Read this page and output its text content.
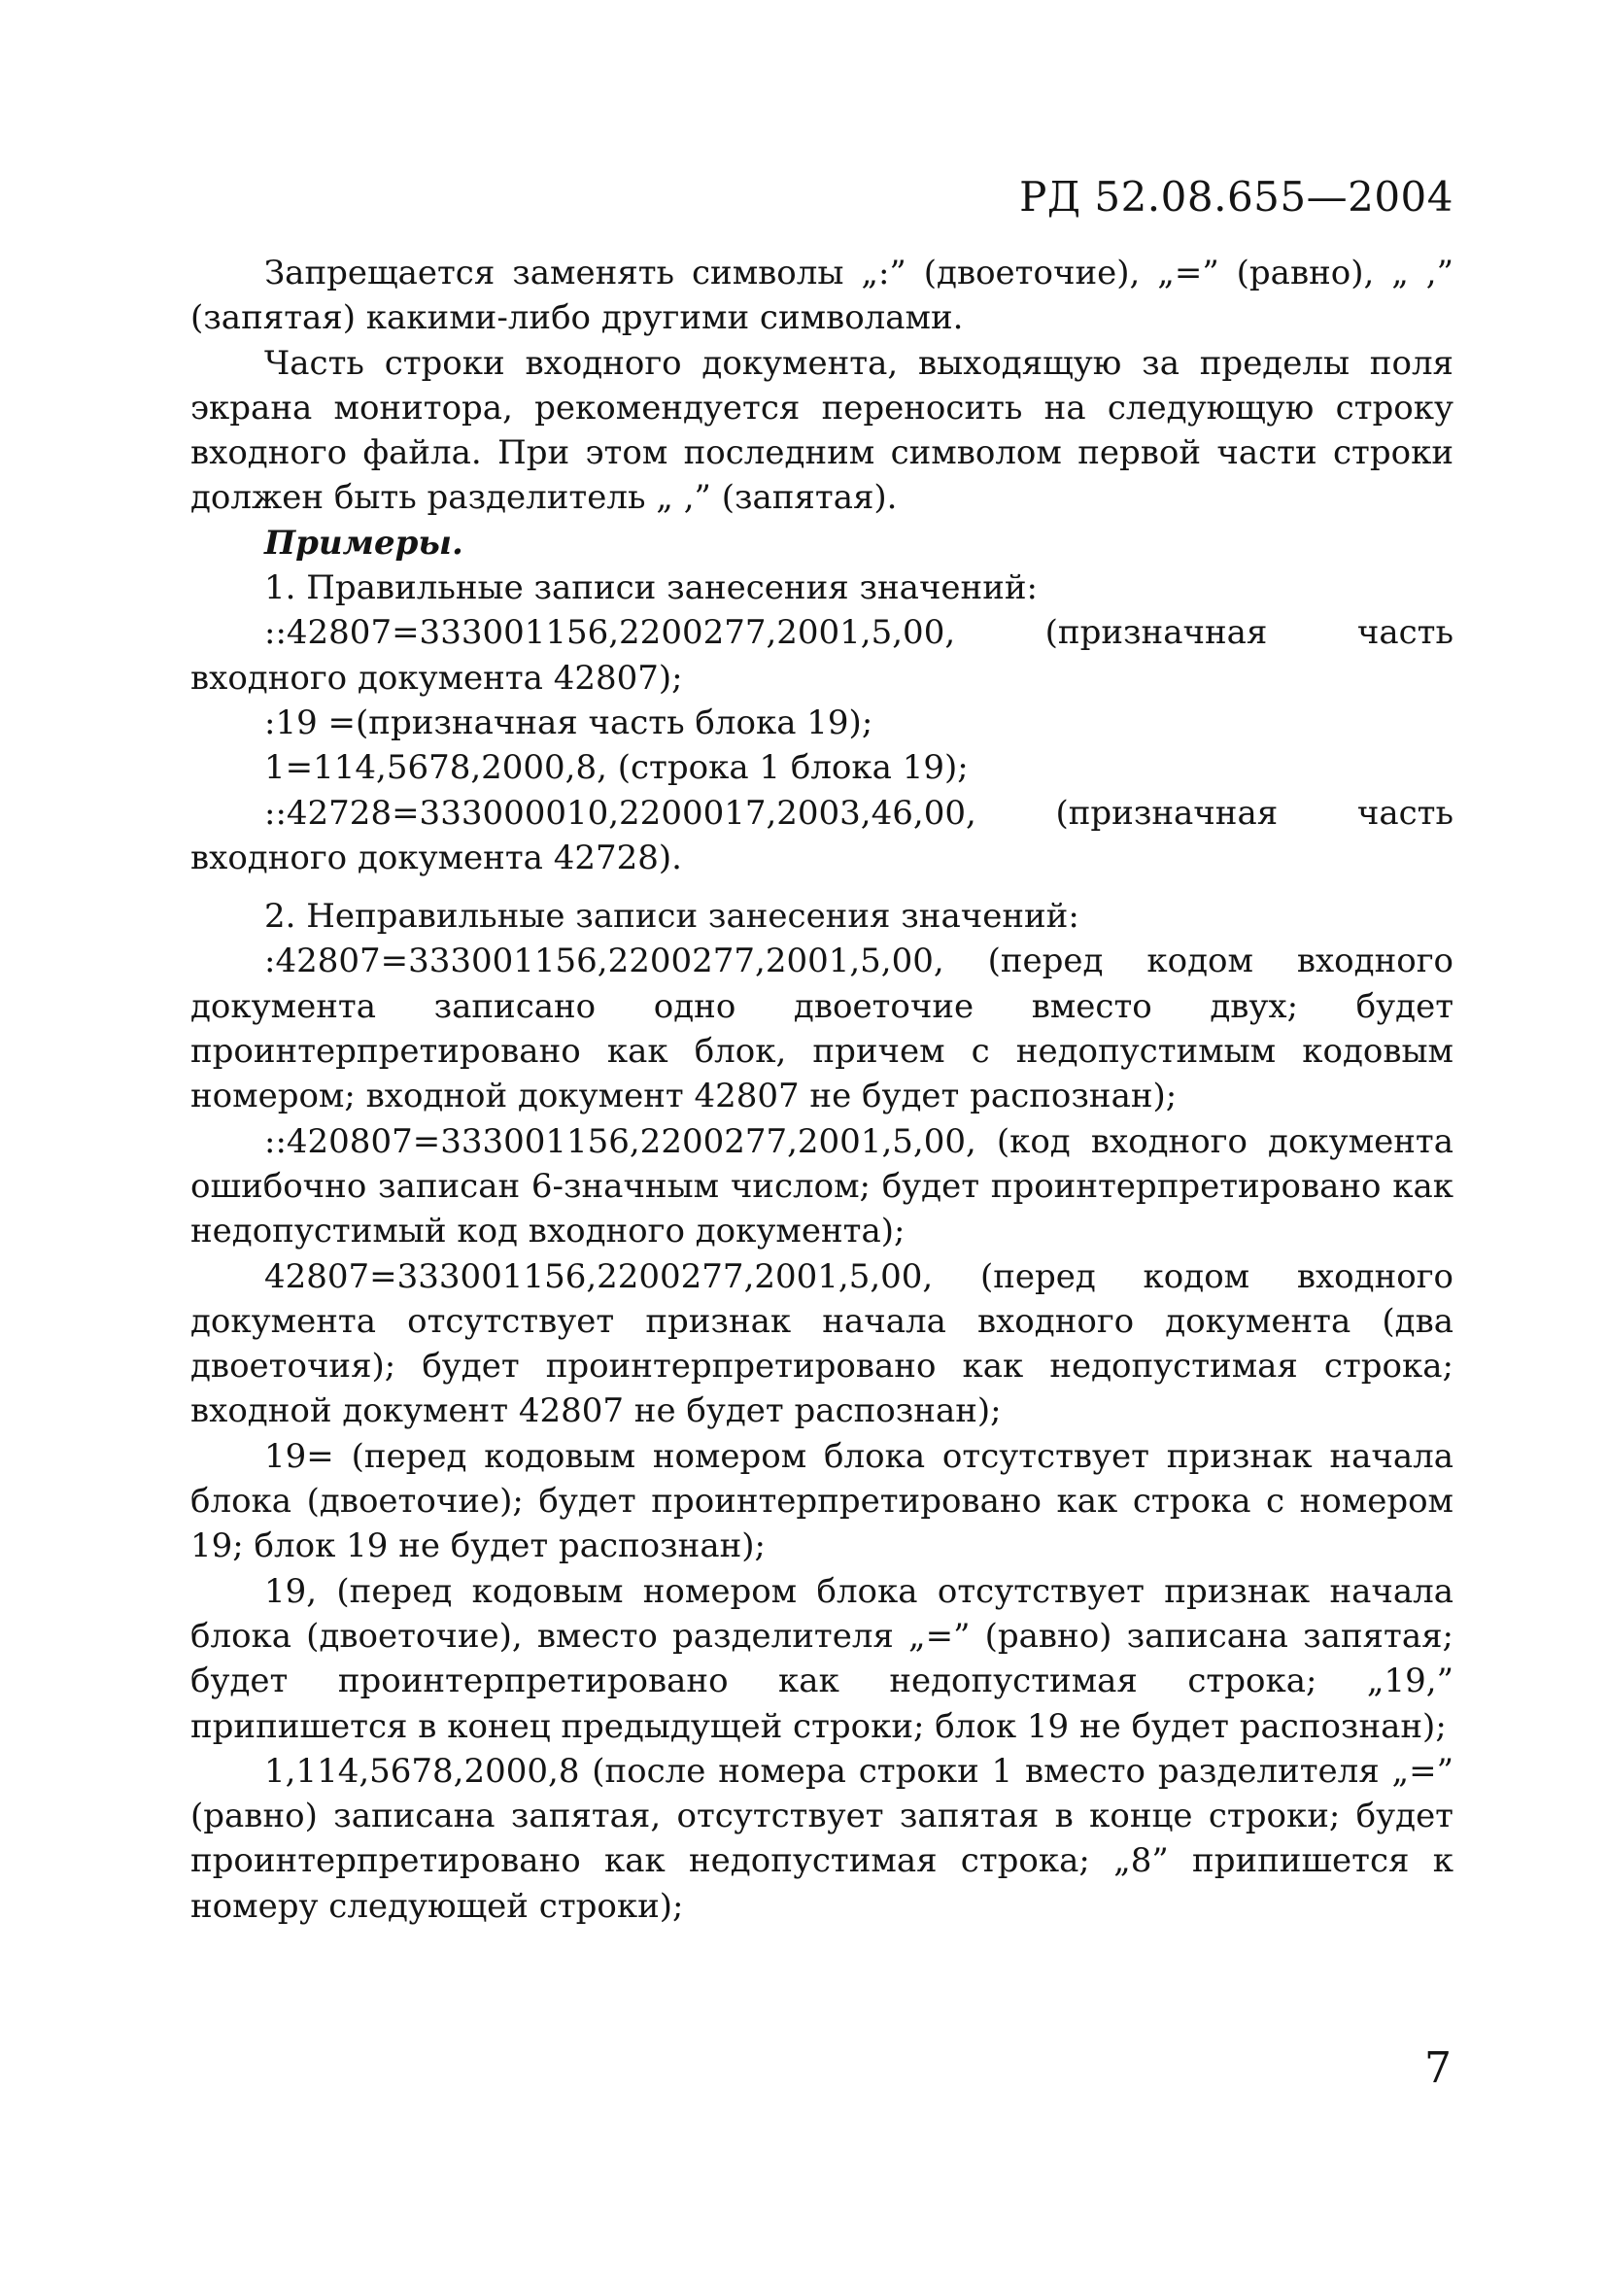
РД 52.08.655—2004

Запрещается заменять символы „:” (двоеточие), „=” (равно), „ ,” (запятая) какими-либо другими символами.

Часть строки входного документа, выходящую за пределы поля экрана монитора, рекомендуется переносить на следующую строку входного файла. При этом последним символом первой части строки должен быть разделитель „ ,” (запятая).

Примеры.

1. Правильные записи занесения значений:

::42807=333001156,2200277,2001,5,00, (призначная часть входного документа 42807);

:19 =(призначная часть блока 19);

1=114,5678,2000,8, (строка 1 блока 19);

::42728=333000010,2200017,2003,46,00, (призначная часть входного документа 42728).

2. Неправильные записи занесения значений:

:42807=333001156,2200277,2001,5,00, (перед кодом входного документа записано одно двоеточие вместо двух; будет проинтерпретировано как блок, причем с недопустимым кодовым номером; входной документ 42807 не будет распознан);

::420807=333001156,2200277,2001,5,00, (код входного документа ошибочно записан 6-значным числом; будет проинтерпретировано как недопустимый код входного документа);

42807=333001156,2200277,2001,5,00, (перед кодом входного документа отсутствует признак начала входного документа (два двоеточия); будет проинтерпретировано как недопустимая строка; входной документ 42807 не будет распознан);

19= (перед кодовым номером блока отсутствует признак начала блока (двоеточие); будет проинтерпретировано как строка с номером 19; блок 19 не будет распознан);

19, (перед кодовым номером блока отсутствует признак начала блока (двоеточие), вместо разделителя „=” (равно) записана запятая; будет проинтерпретировано как недопустимая строка; „19,” припишется в конец предыдущей строки; блок 19 не будет распознан);

1,114,5678,2000,8 (после номера строки 1 вместо разделителя „=” (равно) записана запятая, отсутствует запятая в конце строки; будет проинтерпретировано как недопустимая строка; „8” припишется к номеру следующей строки);

7
